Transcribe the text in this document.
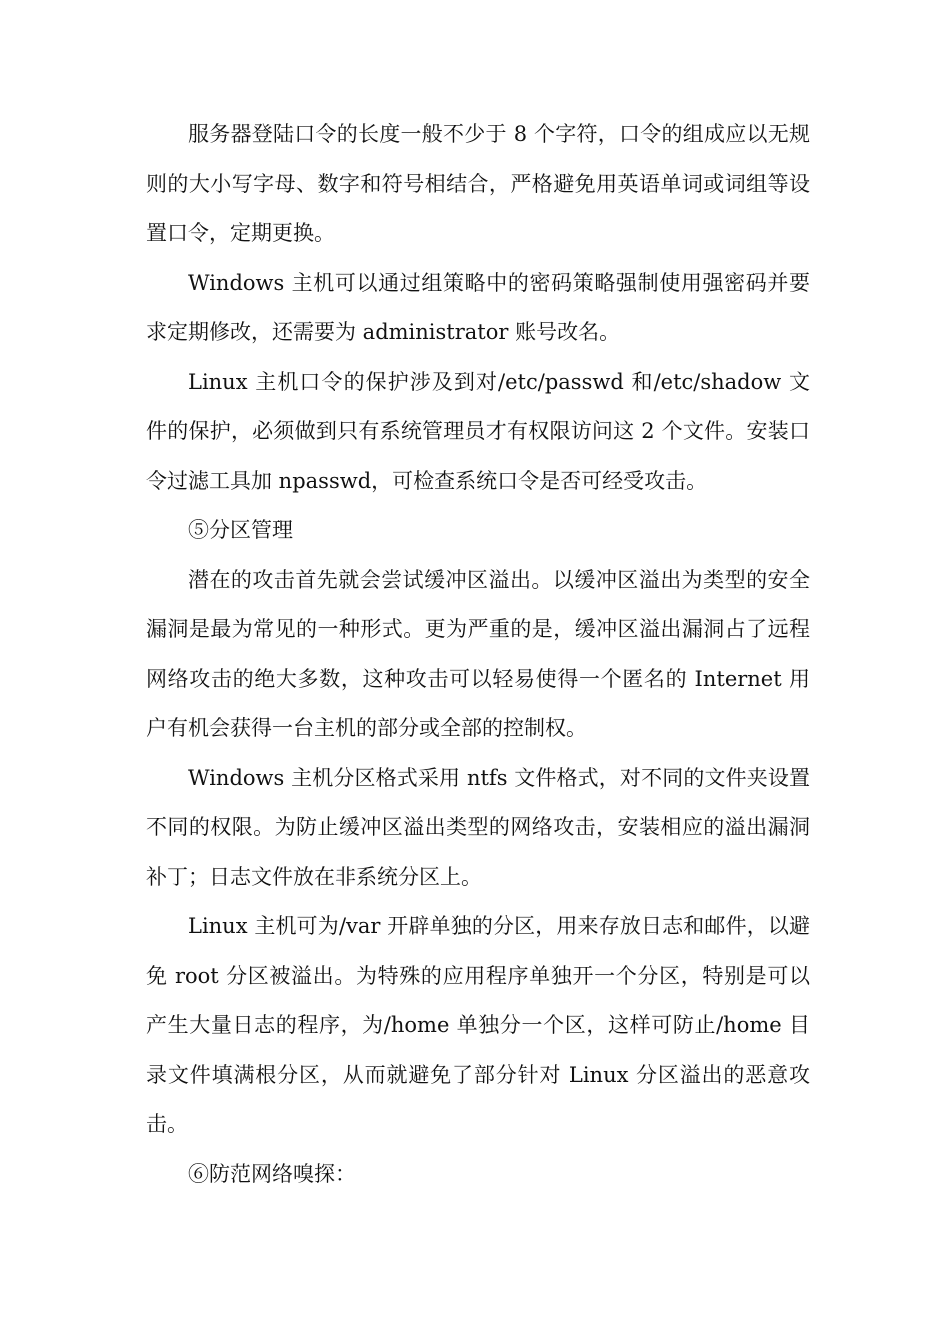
服务器登陆口令的长度一般不少于 8 个字符，口令的组成应以无规则的大小写字母、数字和符号相结合，严格避免用英语单词或词组等设置口令，定期更换。

Windows 主机可以通过组策略中的密码策略强制使用强密码并要求定期修改，还需要为 administrator 账号改名。

Linux 主机口令的保护涉及到对/etc/passwd 和/etc/shadow 文件的保护，必须做到只有系统管理员才有权限访问这 2 个文件。安装口令过滤工具加 npasswd，可检查系统口令是否可经受攻击。

⑤分区管理

潜在的攻击首先就会尝试缓冲区溢出。以缓冲区溢出为类型的安全漏洞是最为常见的一种形式。更为严重的是，缓冲区溢出漏洞占了远程网络攻击的绝大多数，这种攻击可以轻易使得一个匿名的 Internet 用户有机会获得一台主机的部分或全部的控制权。

Windows 主机分区格式采用 ntfs 文件格式，对不同的文件夹设置不同的权限。为防止缓冲区溢出类型的网络攻击，安装相应的溢出漏洞补丁；日志文件放在非系统分区上。

Linux 主机可为/var 开辟单独的分区，用来存放日志和邮件，以避免 root 分区被溢出。为特殊的应用程序单独开一个分区，特别是可以产生大量日志的程序，为/home 单独分一个区，这样可防止/home 目录文件填满根分区，从而就避免了部分针对 Linux 分区溢出的恶意攻击。

⑥防范网络嗅探：
